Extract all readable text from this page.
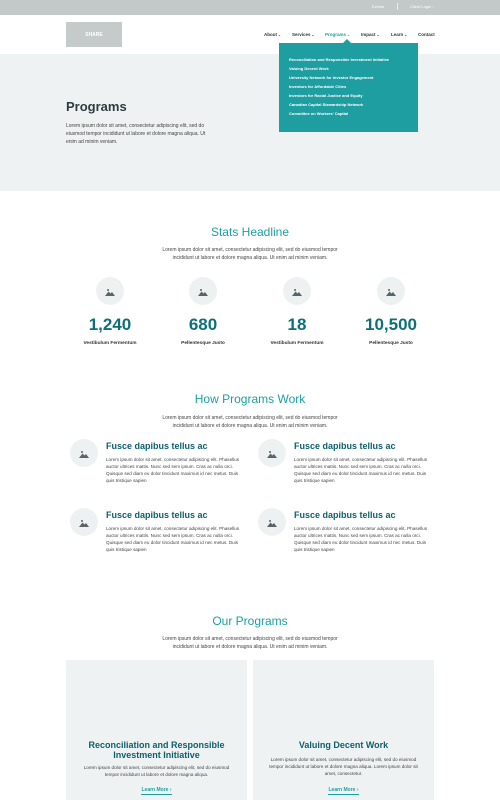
Events	Client Login ›
SHARE	About⌄ Services⌄ Programs⌄ Impact⌄	Learn⌄ Contact
Programs
Lorem ipsum dolor sit amet, consectetur adipiscing elit, sed do eiusmod tempor incididunt ut labore et dolore magna aliqua. Ut enim ad minim veniam.
Reconciliation and Responsible Investment Initiative
Valuing Decent Work
University Network for Investor Engagement
Investors for Affordable Cities
Investors for Racial Justice and Equity
Canadian Capital Stewardship Network
Committee on Workers' Capital
Stats Headline
Lorem ipsum dolor sit amet, consectetur adipiscing elit, sed do eiusmod tempor incididunt ut labore et dolore magna aliqua. Ut enim ad minim veniam.
1,240
Vestibulum Fermentum
680
Pellentesque Justo
18
Vestibulum Fermentum
10,500
Pellentesque Justo
How Programs Work
Lorem ipsum dolor sit amet, consectetur adipiscing elit, sed do eiusmod tempor incididunt ut labore et dolore magna aliqua. Ut enim ad minim veniam.
Fusce dapibus tellus ac
Lorem ipsum dolor sit amet, consectetur adipiscing elit. Phasellus auctor ultrices mattis. Nunc sed sem ipsum. Cras ac nulla orci. Quisque sed diam eu dolor tincidunt maximus id nec metus. Duis quis tristique sapien
Fusce dapibus tellus ac
Lorem ipsum dolor sit amet, consectetur adipiscing elit. Phasellus auctor ultrices mattis. Nunc sed sem ipsum. Cras ac nulla orci. Quisque sed diam eu dolor tincidunt maximus id nec metus. Duis quis tristique sapien
Fusce dapibus tellus ac
Lorem ipsum dolor sit amet, consectetur adipiscing elit. Phasellus auctor ultrices mattis. Nunc sed sem ipsum. Cras ac nulla orci. Quisque sed diam eu dolor tincidunt maximus id nec metus. Duis quis tristique sapien
Fusce dapibus tellus ac
Lorem ipsum dolor sit amet, consectetur adipiscing elit. Phasellus auctor ultrices mattis. Nunc sed sem ipsum. Cras ac nulla orci. Quisque sed diam eu dolor tincidunt maximus id nec metus. Duis quis tristique sapien
Our Programs
Lorem ipsum dolor sit amet, consectetur adipiscing elit, sed do eiusmod tempor incididunt ut labore et dolore magna aliqua. Ut enim ad minim veniam.
Reconciliation and Responsible Investment Initiative
Lorem ipsum dolor sit amet, consectetur adipiscing elit, sed do eiusmod tempor incididunt ut labore et dolore magna aliqua.
Learn More ›
Valuing Decent Work
Lorem ipsum dolor sit amet, consectetur adipiscing elit, sed do eiusmod tempor incididunt ut labore et dolore magna aliqua. Lorem ipsum dolor sit amet, consectetur.
Learn More ›
